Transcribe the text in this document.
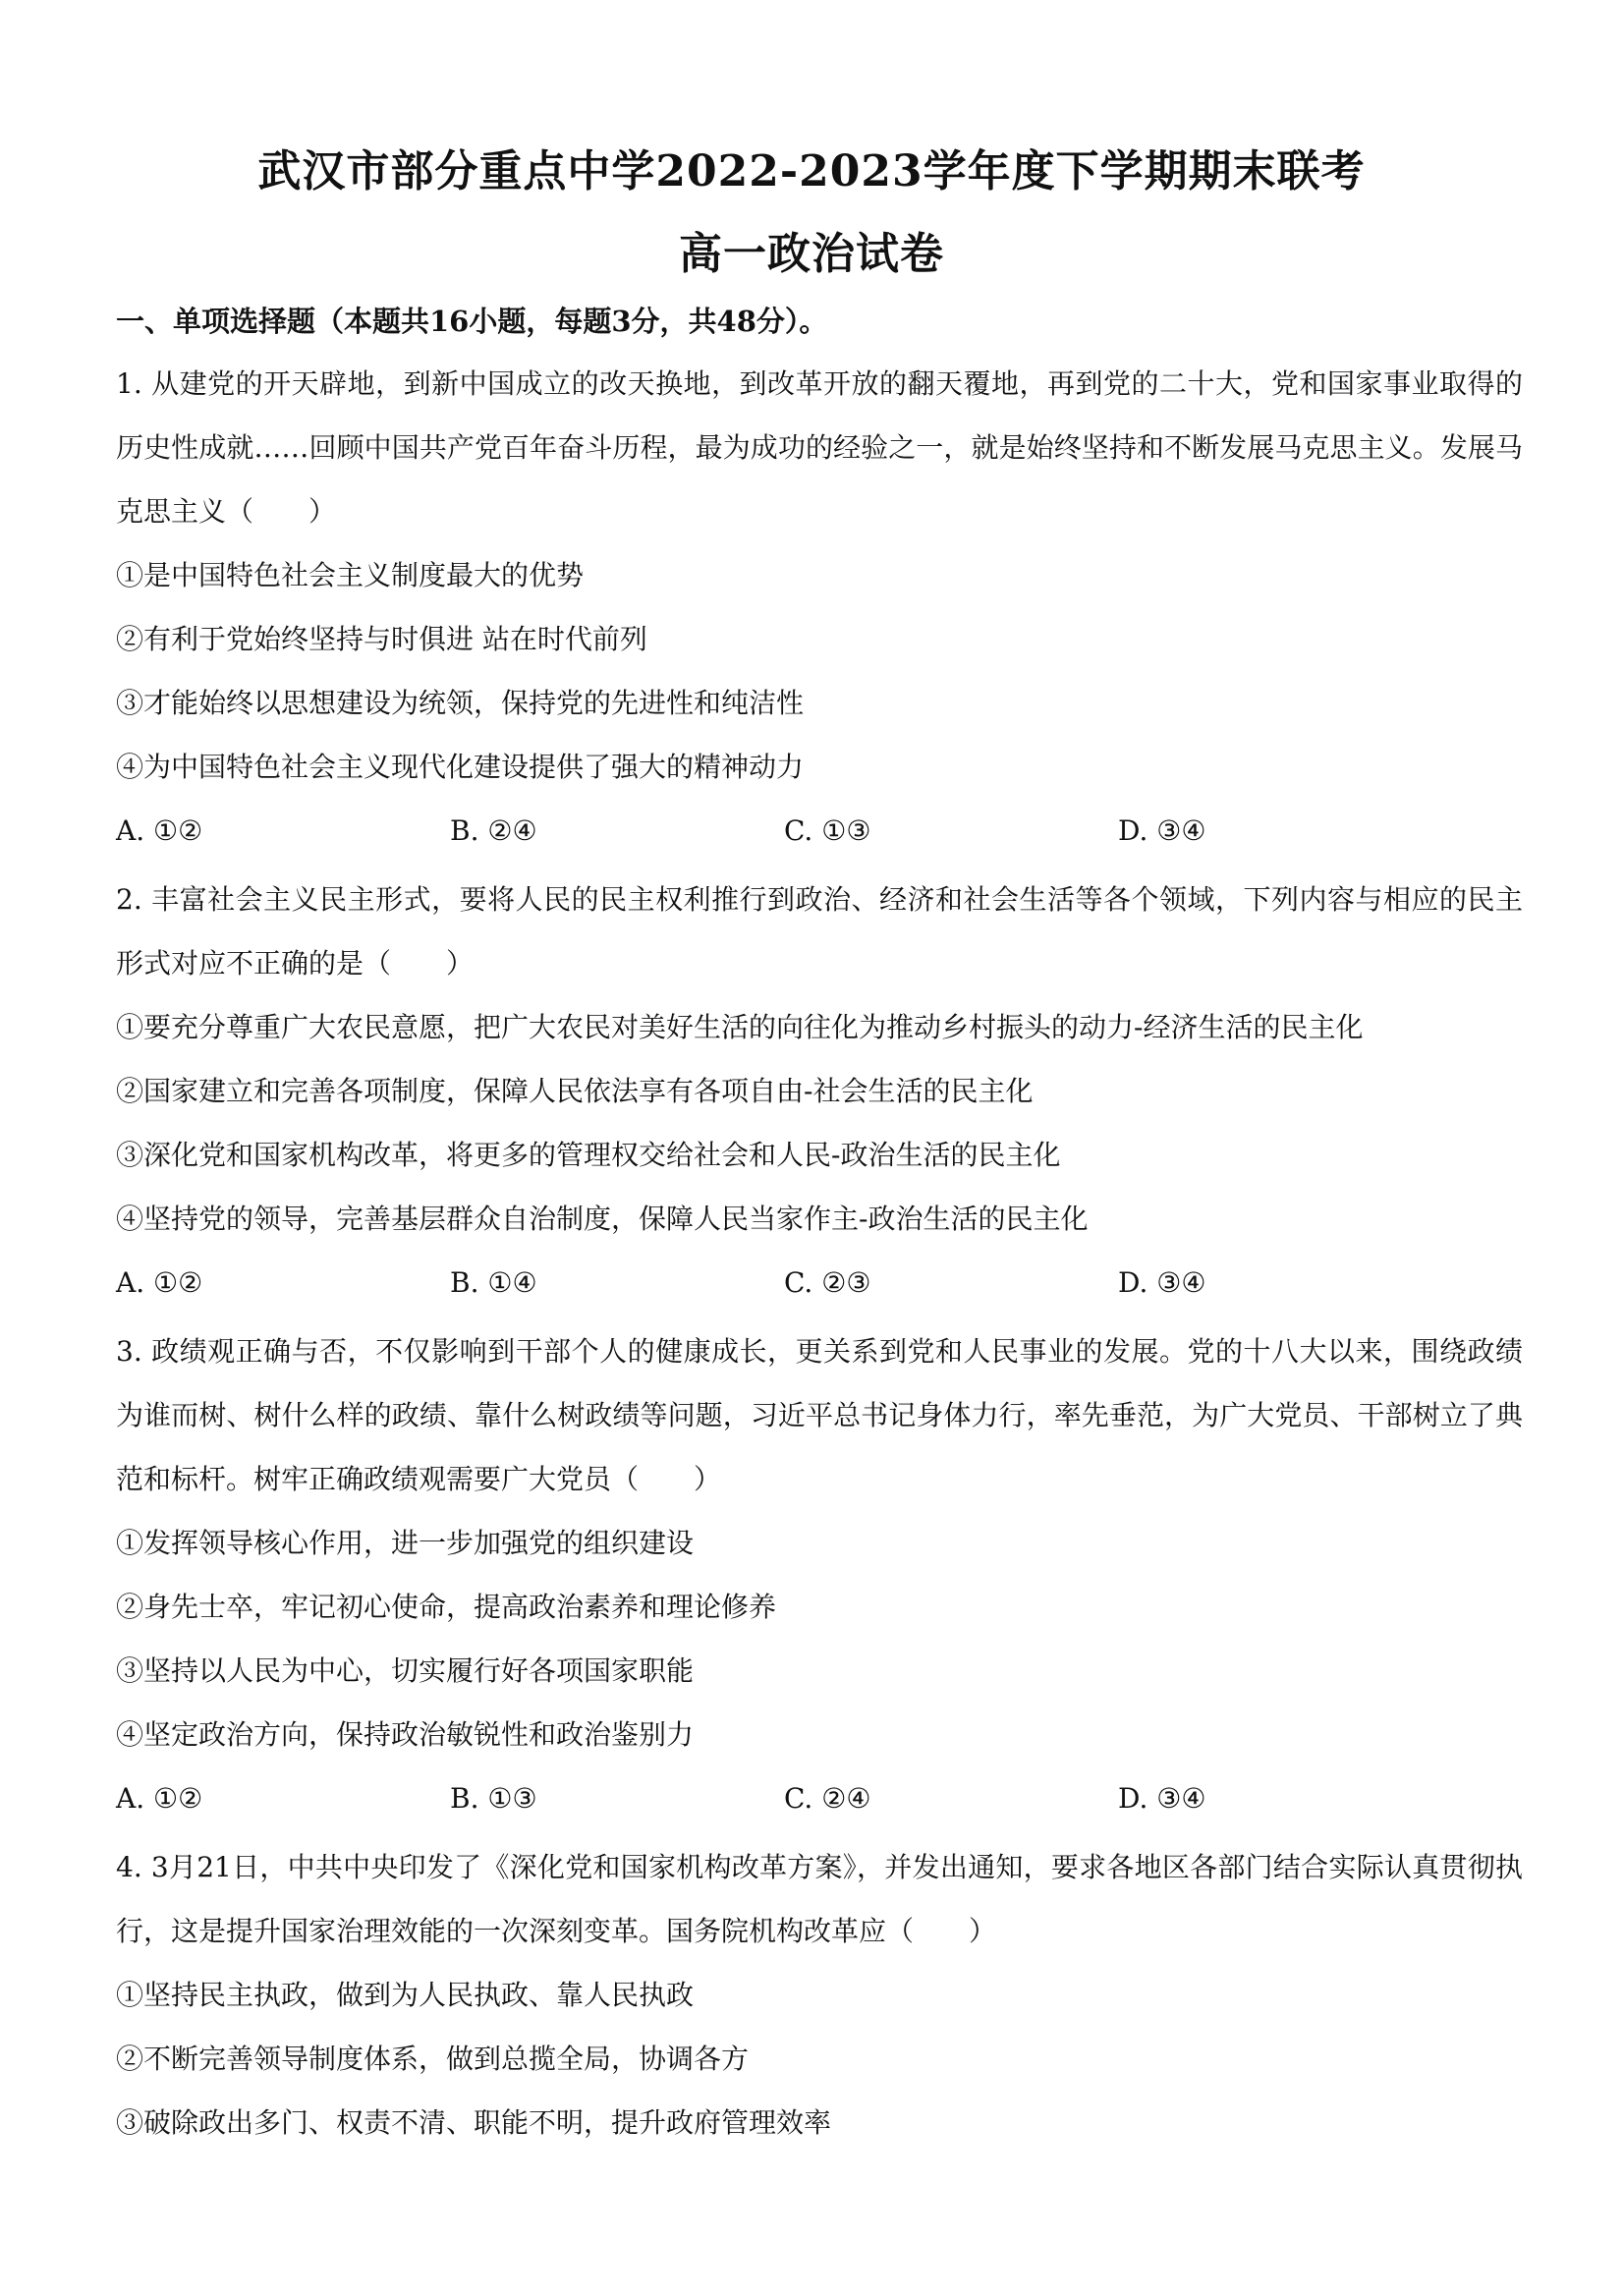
武汉市部分重点中学2022-2023学年度下学期期末联考
高一政治试卷
一、单项选择题（本题共16小题，每题3分，共48分）。

1. 从建党的开天辟地，到新中国成立的改天换地，到改革开放的翻天覆地，再到党的二十大，党和国家事业取得的历史性成就……回顾中国共产党百年奋斗历程，最为成功的经验之一，就是始终坚持和不断发展马克思主义。发展马克思主义（　　）

①是中国特色社会主义制度最大的优势

②有利于党始终坚持与时俱进 站在时代前列

③才能始终以思想建设为统领，保持党的先进性和纯洁性

④为中国特色社会主义现代化建设提供了强大的精神动力

A. ①②	B. ②④	C. ①③	D. ③④

2. 丰富社会主义民主形式，要将人民的民主权利推行到政治、经济和社会生活等各个领域，下列内容与相应的民主形式对应不正确的是（　　）

①要充分尊重广大农民意愿，把广大农民对美好生活的向往化为推动乡村振头的动力-经济生活的民主化

②国家建立和完善各项制度，保障人民依法享有各项自由-社会生活的民主化

③深化党和国家机构改革，将更多的管理权交给社会和人民-政治生活的民主化

④坚持党的领导，完善基层群众自治制度，保障人民当家作主-政治生活的民主化

A. ①②	B. ①④	C. ②③	D. ③④

3. 政绩观正确与否，不仅影响到干部个人的健康成长，更关系到党和人民事业的发展。党的十八大以来，围绕政绩为谁而树、树什么样的政绩、靠什么树政绩等问题，习近平总书记身体力行，率先垂范，为广大党员、干部树立了典范和标杆。树牢正确政绩观需要广大党员（　　）

①发挥领导核心作用，进一步加强党的组织建设

②身先士卒，牢记初心使命，提高政治素养和理论修养

③坚持以人民为中心，切实履行好各项国家职能

④坚定政治方向，保持政治敏锐性和政治鉴别力

A. ①②	B. ①③	C. ②④	D. ③④

4. 3月21日，中共中央印发了《深化党和国家机构改革方案》，并发出通知，要求各地区各部门结合实际认真贯彻执行，这是提升国家治理效能的一次深刻变革。国务院机构改革应（　　）

①坚持民主执政，做到为人民执政、靠人民执政

②不断完善领导制度体系，做到总揽全局，协调各方

③破除政出多门、权责不清、职能不明，提升政府管理效率
